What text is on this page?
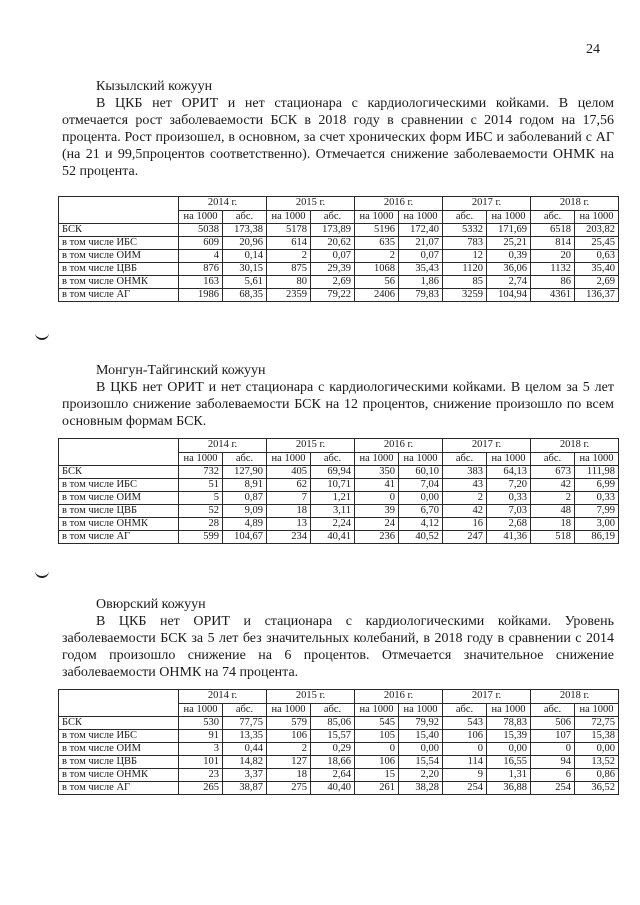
24
Кызылский кожуун
В ЦКБ нет ОРИТ и нет стационара с кардиологическими койками. В целом отмечается рост заболеваемости БСК в 2018 году в сравнении с 2014 годом на 17,56 процента. Рост произошел, в основном, за счет хронических форм ИБС и заболеваний с АГ (на 21 и 99,5процентов соответственно). Отмечается снижение заболеваемости ОНМК на 52 процента.
	2014 г.		2015 г.		2016 г.		2017 г.		2018 г.	
	на 1000	абс.	на 1000	абс.	на 1000	на 1000	абс.	на 1000	абс.	на 1000
БСК	5038	173,38	5178	173,89	5196	172,40	5332	171,69	6518	203,82
в том числе ИБС	609	20,96	614	20,62	635	21,07	783	25,21	814	25,45
в том числе ОИМ	4	0,14	2	0,07	2	0,07	12	0,39	20	0,63
в том числе ЦВБ	876	30,15	875	29,39	1068	35,43	1120	36,06	1132	35,40
в том числе ОНМК	163	5,61	80	2,69	56	1,86	85	2,74	86	2,69
в том числе АГ	1986	68,35	2359	79,22	2406	79,83	3259	104,94	4361	136,37
Монгун-Тайгинский кожуун
В ЦКБ нет ОРИТ и нет стационара с кардиологическими койками. В целом за 5 лет произошло снижение заболеваемости БСК на 12 процентов, снижение произошло по всем основным формам БСК.
	2014 г.		2015 г.		2016 г.		2017 г.		2018 г.	
	на 1000	абс.	на 1000	абс.	на 1000	на 1000	абс.	на 1000	абс.	на 1000
БСК	732	127,90	405	69,94	350	60,10	383	64,13	673	111,98
в том числе ИБС	51	8,91	62	10,71	41	7,04	43	7,20	42	6,99
в том числе ОИМ	5	0,87	7	1,21	0	0,00	2	0,33	2	0,33
в том числе ЦВБ	52	9,09	18	3,11	39	6,70	42	7,03	48	7,99
в том числе ОНМК	28	4,89	13	2,24	24	4,12	16	2,68	18	3,00
в том числе АГ	599	104,67	234	40,41	236	40,52	247	41,36	518	86,19
Овюрский кожуун
В ЦКБ нет ОРИТ и стационара с кардиологическими койками. Уровень заболеваемости БСК за 5 лет без значительных колебаний, в 2018 году в сравнении с 2014 годом произошло снижение на 6 процентов. Отмечается значительное снижение заболеваемости ОНМК на 74 процента.
	2014 г.		2015 г.		2016 г.		2017 г.		2018 г.	
	на 1000	абс.	на 1000	абс.	на 1000	на 1000	абс.	на 1000	абс.	на 1000
БСК	530	77,75	579	85,06	545	79,92	543	78,83	506	72,75
в том числе ИБС	91	13,35	106	15,57	105	15,40	106	15,39	107	15,38
в том числе ОИМ	3	0,44	2	0,29	0	0,00	0	0,00	0	0,00
в том числе ЦВБ	101	14,82	127	18,66	106	15,54	114	16,55	94	13,52
в том числе ОНМК	23	3,37	18	2,64	15	2,20	9	1,31	6	0,86
в том числе АГ	265	38,87	275	40,40	261	38,28	254	36,88	254	36,52
